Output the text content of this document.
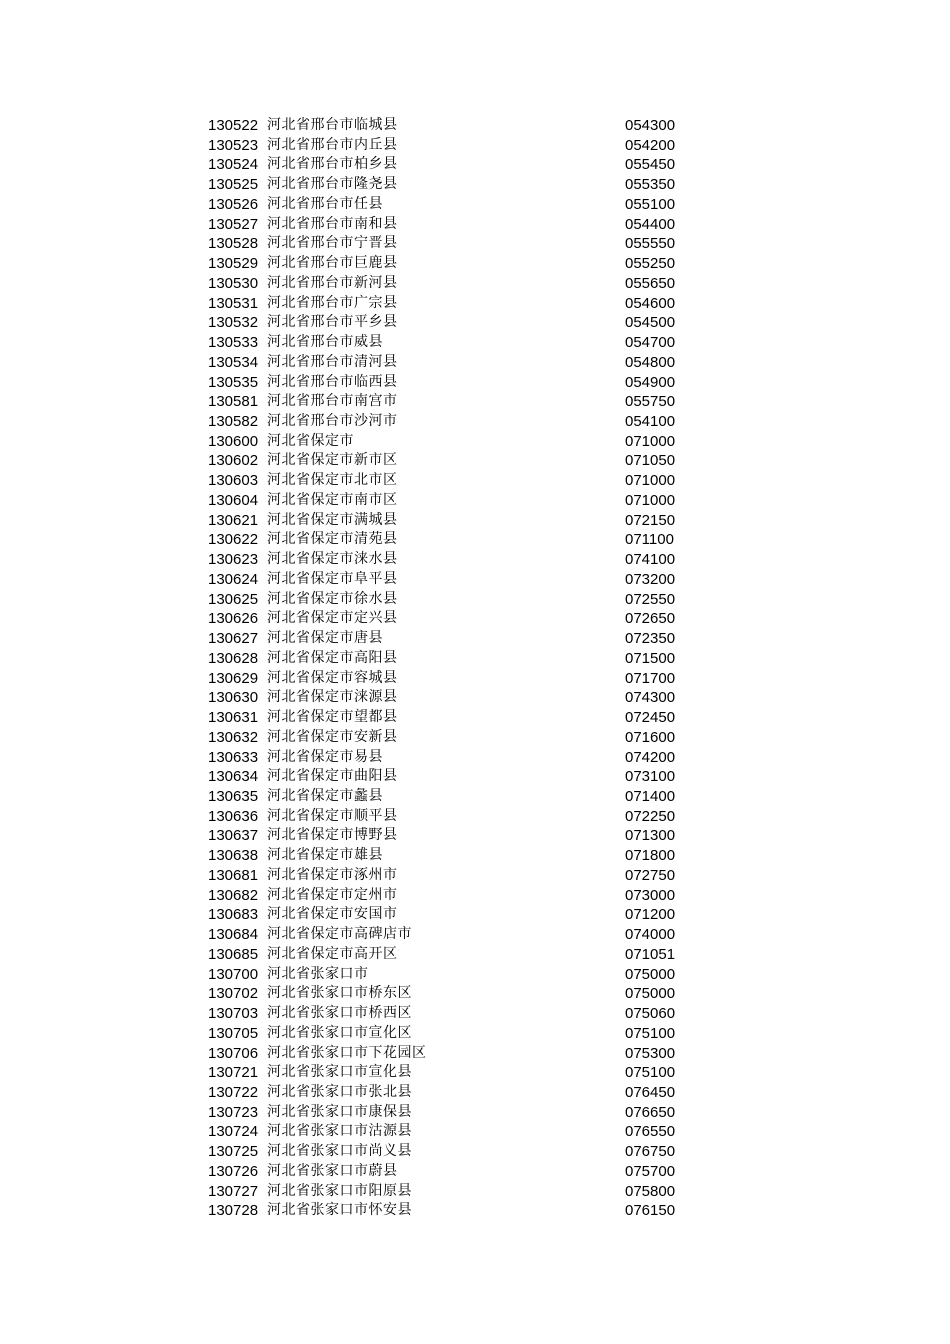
130522 河北省邢台市临城县	054300
130523 河北省邢台市内丘县	054200
130524 河北省邢台市柏乡县	055450
130525 河北省邢台市隆尧县	055350
130526 河北省邢台市任县	055100
130527 河北省邢台市南和县	054400
130528 河北省邢台市宁晋县	055550
130529 河北省邢台市巨鹿县	055250
130530 河北省邢台市新河县	055650
130531 河北省邢台市广宗县	054600
130532 河北省邢台市平乡县	054500
130533 河北省邢台市威县	054700
130534 河北省邢台市清河县	054800
130535 河北省邢台市临西县	054900
130581 河北省邢台市南宫市	055750
130582 河北省邢台市沙河市	054100
130600 河北省保定市	071000
130602 河北省保定市新市区	071050
130603 河北省保定市北市区	071000
130604 河北省保定市南市区	071000
130621 河北省保定市满城县	072150
130622 河北省保定市清苑县	071100
130623 河北省保定市涞水县	074100
130624 河北省保定市阜平县	073200
130625 河北省保定市徐水县	072550
130626 河北省保定市定兴县	072650
130627 河北省保定市唐县	072350
130628 河北省保定市高阳县	071500
130629 河北省保定市容城县	071700
130630 河北省保定市涞源县	074300
130631 河北省保定市望都县	072450
130632 河北省保定市安新县	071600
130633 河北省保定市易县	074200
130634 河北省保定市曲阳县	073100
130635 河北省保定市蠡县	071400
130636 河北省保定市顺平县	072250
130637 河北省保定市博野县	071300
130638 河北省保定市雄县	071800
130681 河北省保定市涿州市	072750
130682 河北省保定市定州市	073000
130683 河北省保定市安国市	071200
130684 河北省保定市高碑店市	074000
130685 河北省保定市高开区	071051
130700 河北省张家口市	075000
130702 河北省张家口市桥东区	075000
130703 河北省张家口市桥西区	075060
130705 河北省张家口市宣化区	075100
130706 河北省张家口市下花园区	075300
130721 河北省张家口市宣化县	075100
130722 河北省张家口市张北县	076450
130723 河北省张家口市康保县	076650
130724 河北省张家口市沽源县	076550
130725 河北省张家口市尚义县	076750
130726 河北省张家口市蔚县	075700
130727 河北省张家口市阳原县	075800
130728 河北省张家口市怀安县	076150
